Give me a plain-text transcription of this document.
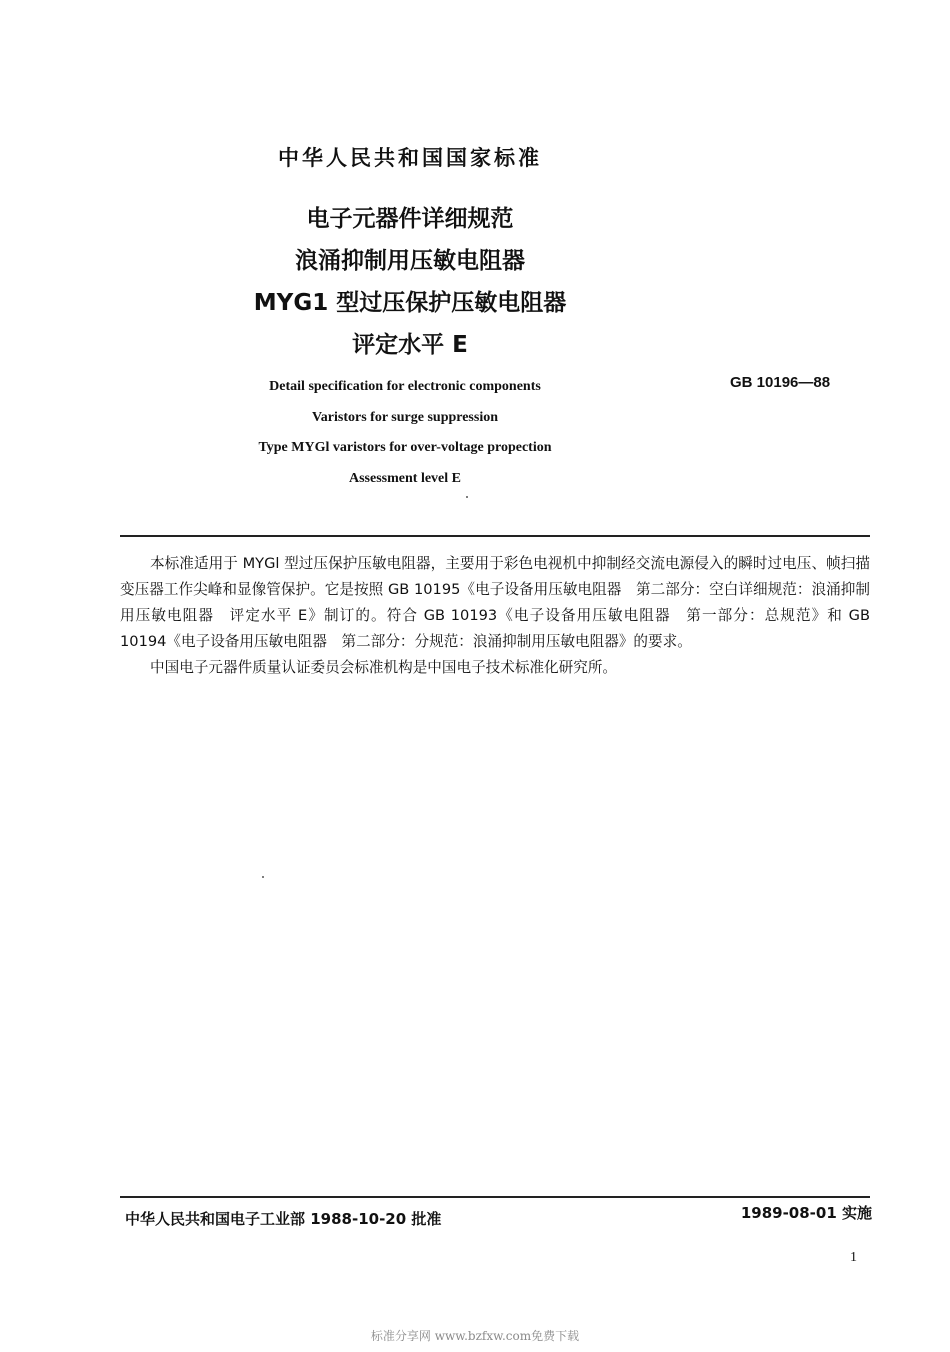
中华人民共和国国家标准
电子元器件详细规范
浪涌抑制用压敏电阻器
MYG1 型过压保护压敏电阻器
评定水平 E
Detail specification for electronic components
Varistors for surge suppression
Type MYGl varistors for over-voltage propection
Assessment level E
GB 10196—88

本标准适用于 MYGl 型过压保护压敏电阻器，主要用于彩色电视机中抑制经交流电源侵入的瞬时过电压、帧扫描变压器工作尖峰和显像管保护。它是按照 GB 10195《电子设备用压敏电阻器　第二部分：空白详细规范：浪涌抑制用压敏电阻器　评定水平 E》制订的。符合 GB 10193《电子设备用压敏电阻器　第一部分：总规范》和 GB 10194《电子设备用压敏电阻器　第二部分：分规范：浪涌抑制用压敏电阻器》的要求。

中国电子元器件质量认证委员会标准机构是中国电子技术标准化研究所。

中华人民共和国电子工业部 1988-10-20 批准	1989-08-01 实施
1
标准分享网 www.bzfxw.com免费下载
